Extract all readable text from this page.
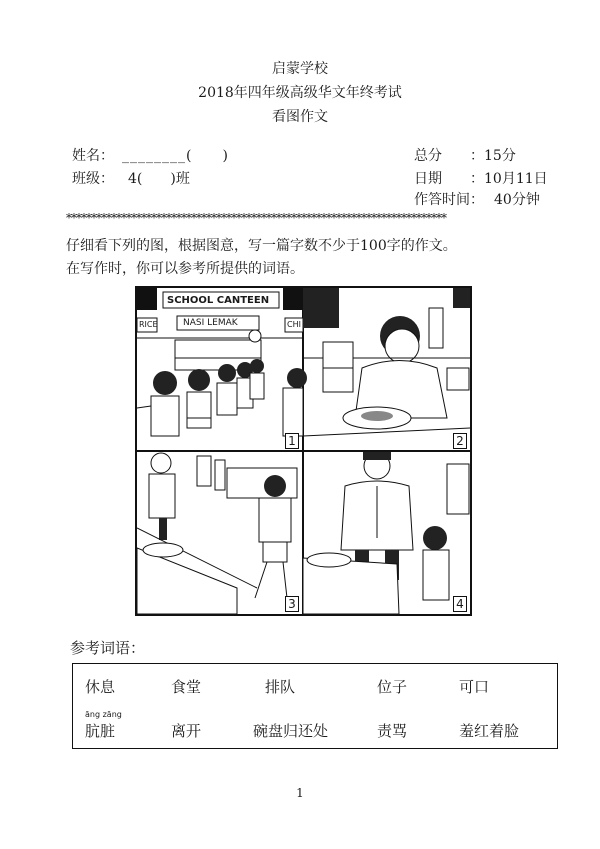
启蒙学校
2018年四年级高级华文年终考试
看图作文
姓名： ________(　　)
班级： 4(　　)班
总分 ：15分
日期 ：10月11日
作答时间： 40分钟
****************************************************************************
仔细看下列的图，根据图意，写一篇字数不少于100字的作文。
在写作时，你可以参考所提供的词语。
SCHOOL CANTEEN
RICE	NASI LEMAK	CHI
1	2
3	4
参考词语：
休息	食堂	排队	位子	可口
āng zāng
肮脏	离开	碗盘归还处	责骂	羞红着脸
1
